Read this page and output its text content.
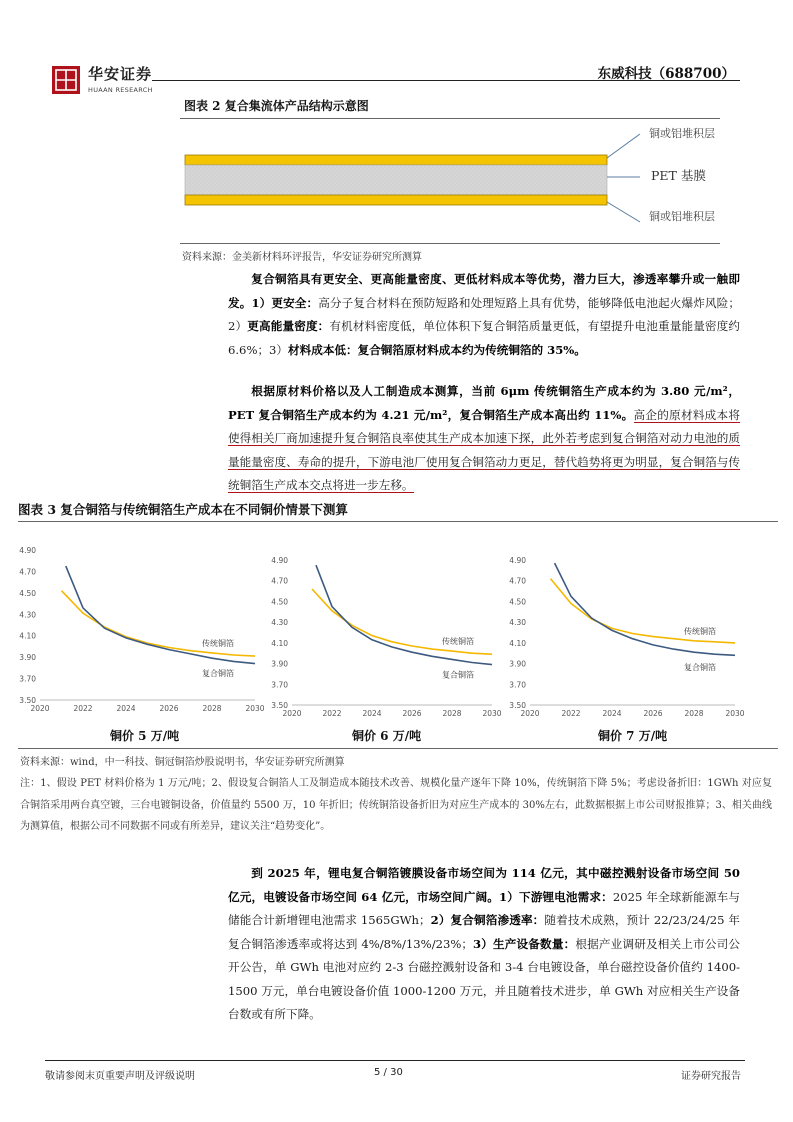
华安证券
HUAAN RESEARCH
东威科技（688700）
图表 2 复合集流体产品结构示意图
铜或铝堆积层
PET 基膜
铜或铝堆积层
资料来源：金美新材料环评报告，华安证券研究所测算
复合铜箔具有更安全、更高能量密度、更低材料成本等优势，潜力巨大，渗透率攀升或一触即发。1）更安全：高分子复合材料在预防短路和处理短路上具有优势，能够降低电池起火爆炸风险；2）更高能量密度：有机材料密度低，单位体积下复合铜箔质量更低，有望提升电池重量能量密度约 6.6%；3）材料成本低：复合铜箔原材料成本约为传统铜箔的 35%。
根据原材料价格以及人工制造成本测算，当前 6μm 传统铜箔生产成本约为 3.80 元/m²，PET 复合铜箔生产成本约为 4.21 元/m²，复合铜箔生产成本高出约 11%。高企的原材料成本将使得相关厂商加速提升复合铜箔良率使其生产成本加速下探，此外若考虑到复合铜箔对动力电池的质量能量密度、寿命的提升，下游电池厂使用复合铜箔动力更足，替代趋势将更为明显，复合铜箔与传统铜箔生产成本交点将进一步左移。
图表 3 复合铜箔与传统铜箔生产成本在不同铜价情景下测算
3.50
3.70
3.90
4.10
4.30
4.50
4.70
4.90
2020	2022	2024	2026	2028	2030
传统铜箔
复合铜箔
3.50
3.70
3.90
4.10
4.30
4.50
4.70
4.90
2020	2022	2024	2026	2028	2030
传统铜箔
复合铜箔
3.50
3.70
3.90
4.10
4.30
4.50
4.70
4.90
2020	2022	2024	2026	2028	2030
传统铜箔
复合铜箔
铜价 5 万/吨	铜价 6 万/吨	铜价 7 万/吨
资料来源：wind，中一科技、铜冠铜箔炒股说明书，华安证券研究所测算
注：1、假设 PET 材料价格为 1 万元/吨；2、假设复合铜箔人工及制造成本随技术改善、规模化量产逐年下降 10%，传统铜箔下降 5%；考虑设备折旧：1GWh 对应复合铜箔采用两台真空镀，三台电镀铜设备，价值量约 5500 万，10 年折旧；传统铜箔设备折旧为对应生产成本的 30%左右，此数据根据上市公司财报推算；3、相关曲线为测算值，根据公司不同数据不同或有所差异，建议关注“趋势变化”。
到 2025 年，锂电复合铜箔镀膜设备市场空间为 114 亿元，其中磁控溅射设备市场空间 50 亿元，电镀设备市场空间 64 亿元，市场空间广阔。1）下游锂电池需求：2025 年全球新能源车与储能合计新增锂电池需求 1565GWh；2）复合铜箔渗透率：随着技术成熟，预计 22/23/24/25 年复合铜箔渗透率或将达到 4%/8%/13%/23%；3）生产设备数量：根据产业调研及相关上市公司公开公告，单 GWh 电池对应约 2-3 台磁控溅射设备和 3-4 台电镀设备，单台磁控设备价值约 1400-1500 万元，单台电镀设备价值 1000-1200 万元，并且随着技术进步，单 GWh 对应相关生产设备台数或有所下降。
敬请参阅末页重要声明及评级说明	5 / 30	证券研究报告
